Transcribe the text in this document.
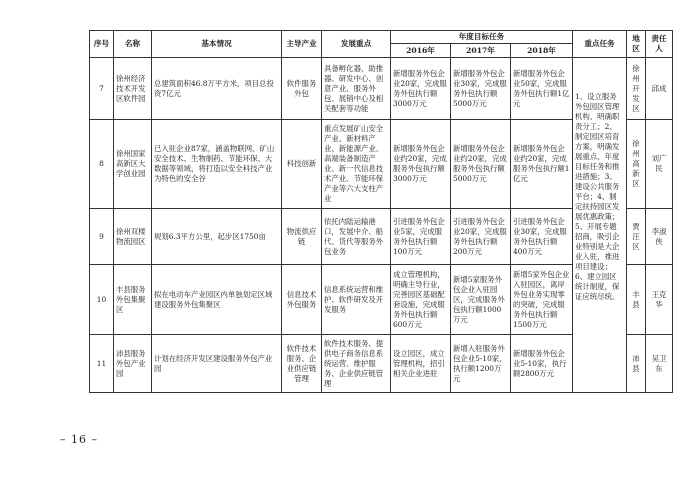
序号	名称	基本情况	主导产业	发展重点	年度目标任务			重点任务	地区	责任人
					2016年	2017年	2018年			
7	徐州经济技术开发区软件园	总建筑面积46.8万平方米，项目总投资7亿元	软件服务外包	具备孵化器、助推器、研发中心、创意产业、服务外包、展销中心及相关配套等功能	新增服务外包企业20家，完成服务外包执行额3000万元	新增服务外包企业30家，完成服务外包执行额5000万元	新增服务外包企业50家，完成服务外包执行额1亿元	1、设立服务外包园区管理机构、明确职责分工；2、制定园区培育方案，明确发展重点、年度目标任务和推进措施；3、建设公共服务平台；4、制定扶持园区发展优惠政策；5、开展专题招商，吸引企业特别是大企业入驻，推进项目建设；6、建立园区统计制度，保证应统尽统。	徐州开发区	邱成
8	徐州国家高新区大学创业园	已入驻企业87家，涵盖物联网、矿山安全技术、生物制药、节能环保、大数据等领域，将打造以安全科技产业为特色的安全谷	科技创新	重点发展矿山安全产业、新材料产业、新能源产业、高端装备制造产业、新一代信息技术产业、节能环保产业等六大支柱产业	新增服务外包企业约20家，完成服务外包执行额3000万元	新增服务外包企业约20家，完成服务外包执行额5000万元	新增服务外包企业约20家，完成服务外包执行额1亿元		徐州高新区	刘广民
9	徐州双楼物流园区	规划6.3平方公里，起步区1750亩	物流供应链	依托内陆运输港口，发展中介、船代、货代等服务外包业务	引进服务外包企业5家，完成服务外包执行额100万元	引进服务外包企业20家，完成服务外包执行额200万元	引进服务外包企业30家，完成服务外包执行额400万元		贾汪区	李淑侠
10	丰县服务外包集聚区	拟在电动车产业园区内单独划定区域建设服务外包集聚区	信息技术外包服务	信息系统运营和维护、软件研发及开发服务	成立管理机构，明确主导行业，完善园区基础配套设施，完成服务外包执行额600万元	新增5家服务外包企业入驻园区，完成服务外包执行额1000万元	新增5家外包企业入驻园区，离岸外包业务实现零的突破，完成服务外包执行额1500万元		丰县	王克华
11	沛县服务外包产业园	计划在经济开发区建设服务外包产业园	软件技术服务、企业供应链管理	软件技术服务、提供电子商务信息系统运营、维护服务、企业供应链管理	设立园区，成立管理机构，招引相关企业进驻	新增入驻服务外包企业5-10家，执行额1200万元	新增服务外包企业5-10家，执行额2800万元		沛县	吴卫东
– 16 –
